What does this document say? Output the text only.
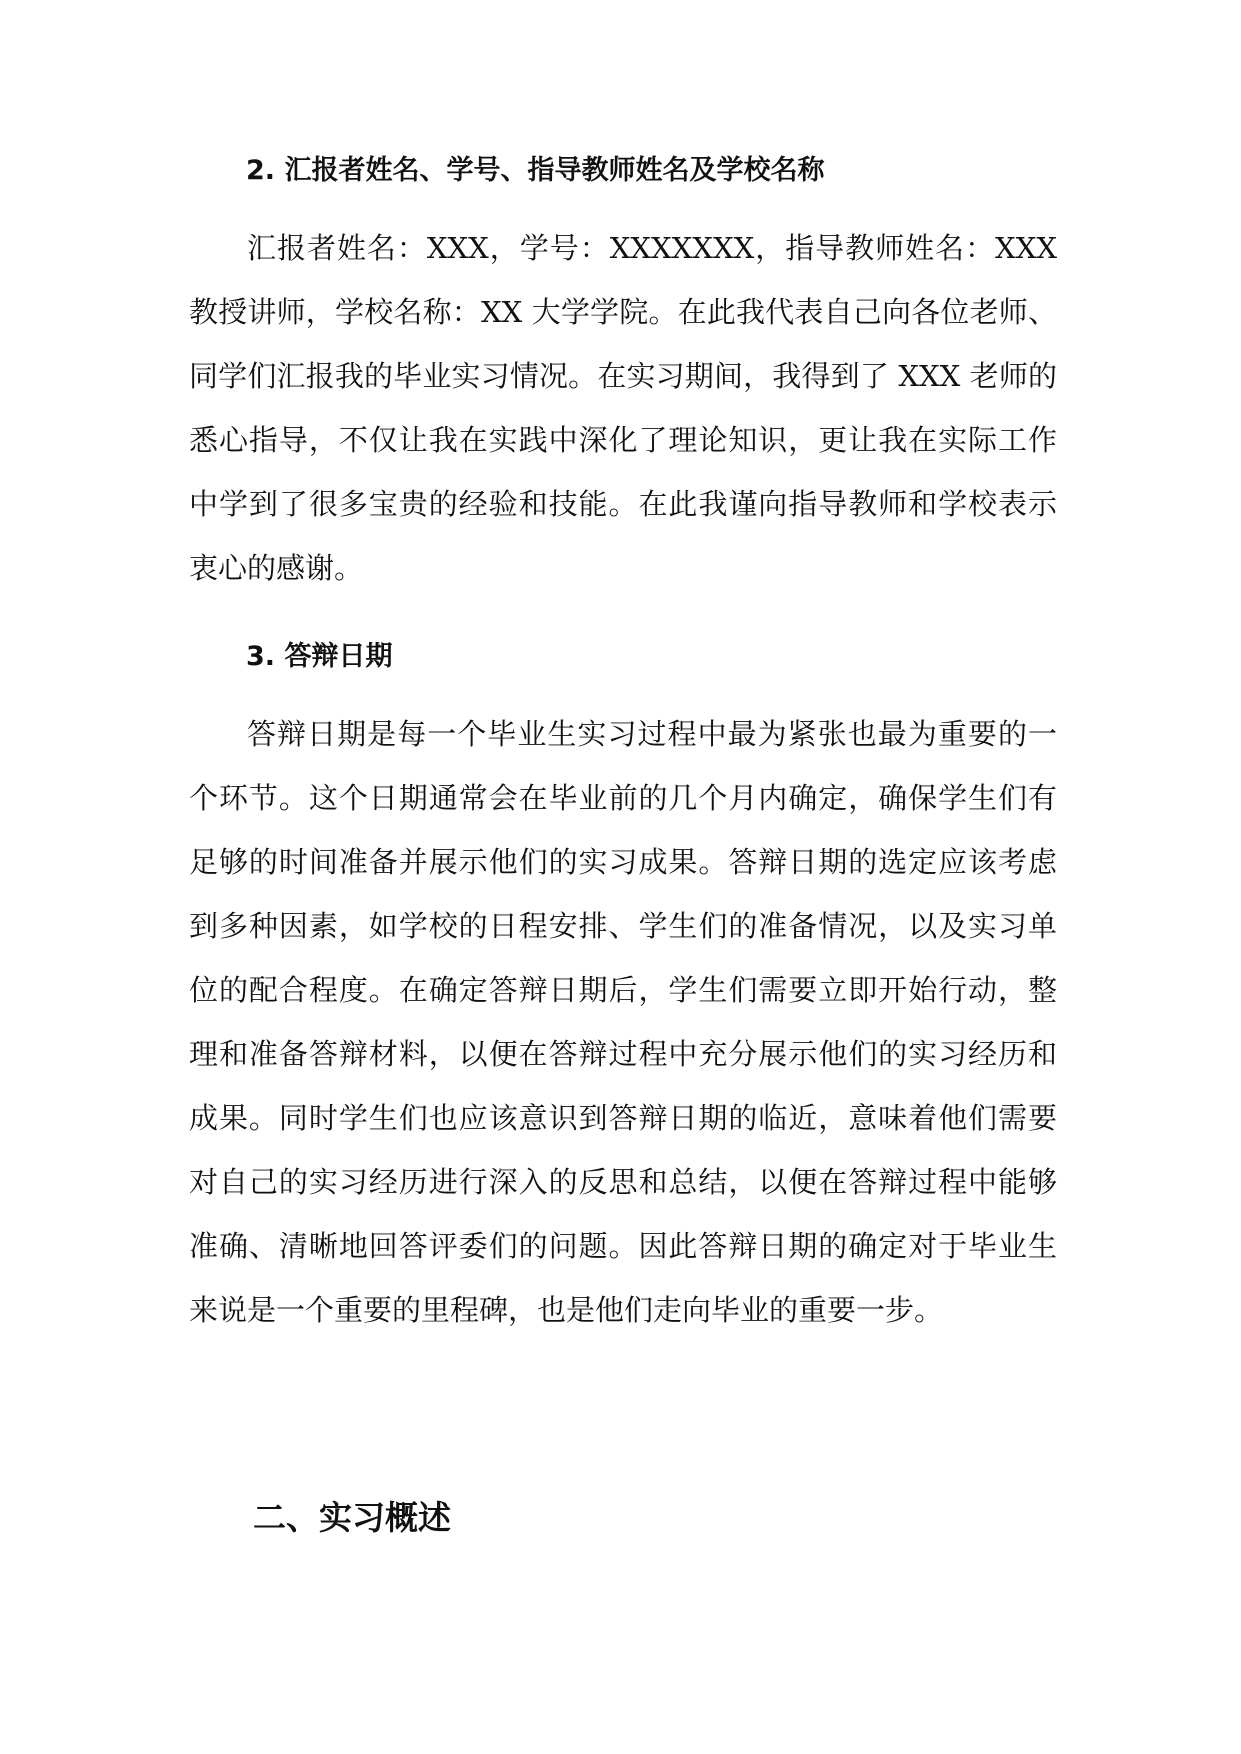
2. 汇报者姓名、学号、指导教师姓名及学校名称

汇报者姓名：XXX，学号：XXXXXXX，指导教师姓名：XXX 教授讲师，学校名称：XX 大学学院。在此我代表自己向各位老师、同学们汇报我的毕业实习情况。在实习期间，我得到了 XXX 老师的悉心指导，不仅让我在实践中深化了理论知识，更让我在实际工作中学到了很多宝贵的经验和技能。在此我谨向指导教师和学校表示衷心的感谢。

3. 答辩日期

答辩日期是每一个毕业生实习过程中最为紧张也最为重要的一个环节。这个日期通常会在毕业前的几个月内确定，确保学生们有足够的时间准备并展示他们的实习成果。答辩日期的选定应该考虑到多种因素，如学校的日程安排、学生们的准备情况，以及实习单位的配合程度。在确定答辩日期后，学生们需要立即开始行动，整理和准备答辩材料，以便在答辩过程中充分展示他们的实习经历和成果。同时学生们也应该意识到答辩日期的临近，意味着他们需要对自己的实习经历进行深入的反思和总结，以便在答辩过程中能够准确、清晰地回答评委们的问题。因此答辩日期的确定对于毕业生来说是一个重要的里程碑，也是他们走向毕业的重要一步。

二、实习概述
